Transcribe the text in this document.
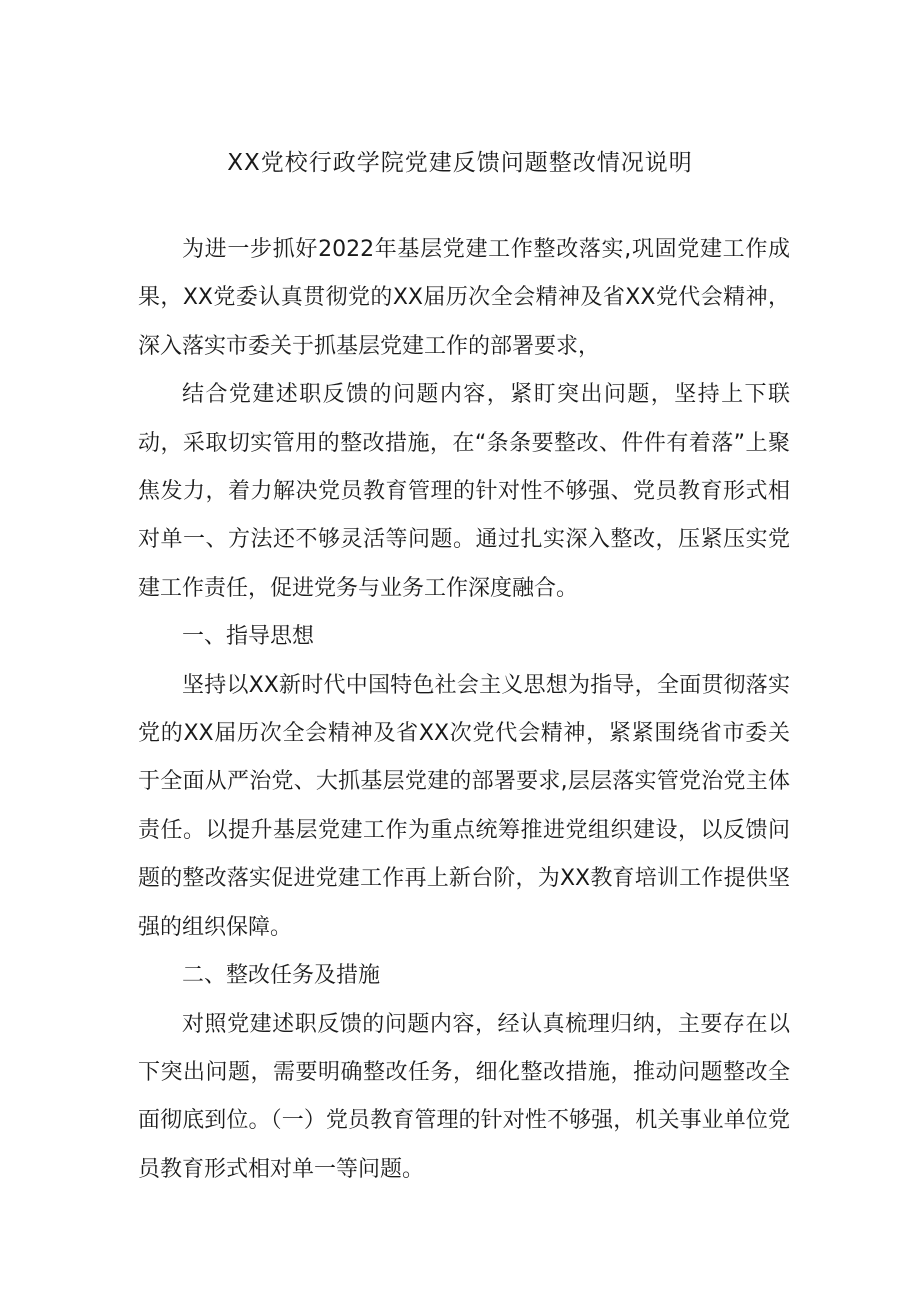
XX党校行政学院党建反馈问题整改情况说明

为进一步抓好2022年基层党建工作整改落实,巩固党建工作成果，XX党委认真贯彻党的XX届历次全会精神及省XX党代会精神，深入落实市委关于抓基层党建工作的部署要求，

结合党建述职反馈的问题内容，紧盯突出问题，坚持上下联动，采取切实管用的整改措施，在“条条要整改、件件有着落”上聚焦发力，着力解决党员教育管理的针对性不够强、党员教育形式相对单一、方法还不够灵活等问题。通过扎实深入整改，压紧压实党建工作责任，促进党务与业务工作深度融合。

一、指导思想

坚持以XX新时代中国特色社会主义思想为指导，全面贯彻落实党的XX届历次全会精神及省XX次党代会精神，紧紧围绕省市委关于全面从严治党、大抓基层党建的部署要求,层层落实管党治党主体责任。以提升基层党建工作为重点统筹推进党组织建设，以反馈问题的整改落实促进党建工作再上新台阶，为XX教育培训工作提供坚强的组织保障。

二、整改任务及措施

对照党建述职反馈的问题内容，经认真梳理归纳，主要存在以下突出问题，需要明确整改任务，细化整改措施，推动问题整改全面彻底到位。（一）党员教育管理的针对性不够强，机关事业单位党员教育形式相对单一等问题。
